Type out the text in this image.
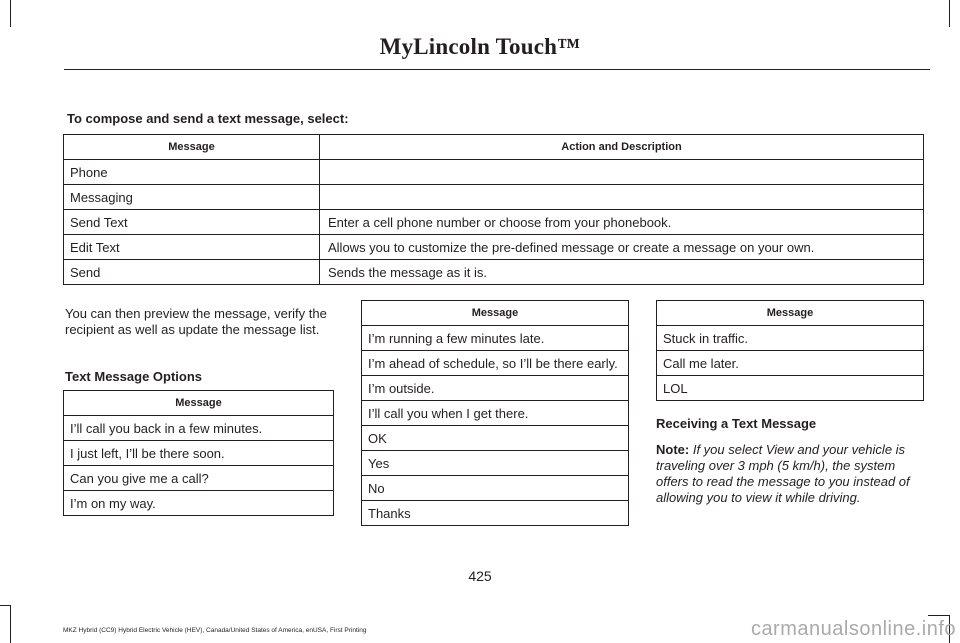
MyLincoln Touch™
To compose and send a text message, select:
Message	Action and Description
Phone	
Messaging	
Send Text	Enter a cell phone number or choose from your phonebook.
Edit Text	Allows you to customize the pre-defined message or create a message on your own.
Send	Sends the message as it is.
You can then preview the message, verify the recipient as well as update the message list.
Text Message Options
Message
I’ll call you back in a few minutes.
I just left, I’ll be there soon.
Can you give me a call?
I’m on my way.
Message
I’m running a few minutes late.
I’m ahead of schedule, so I’ll be there early.
I’m outside.
I’ll call you when I get there.
OK
Yes
No
Thanks
Message
Stuck in traffic.
Call me later.
LOL
Receiving a Text Message
Note: If you select View and your vehicle is traveling over 3 mph (5 km/h), the system offers to read the message to you instead of allowing you to view it while driving.
425
MKZ Hybrid (CC9) Hybrid Electric Vehicle (HEV), Canada/United States of America, enUSA, First Printing	carmanualsonline.info
